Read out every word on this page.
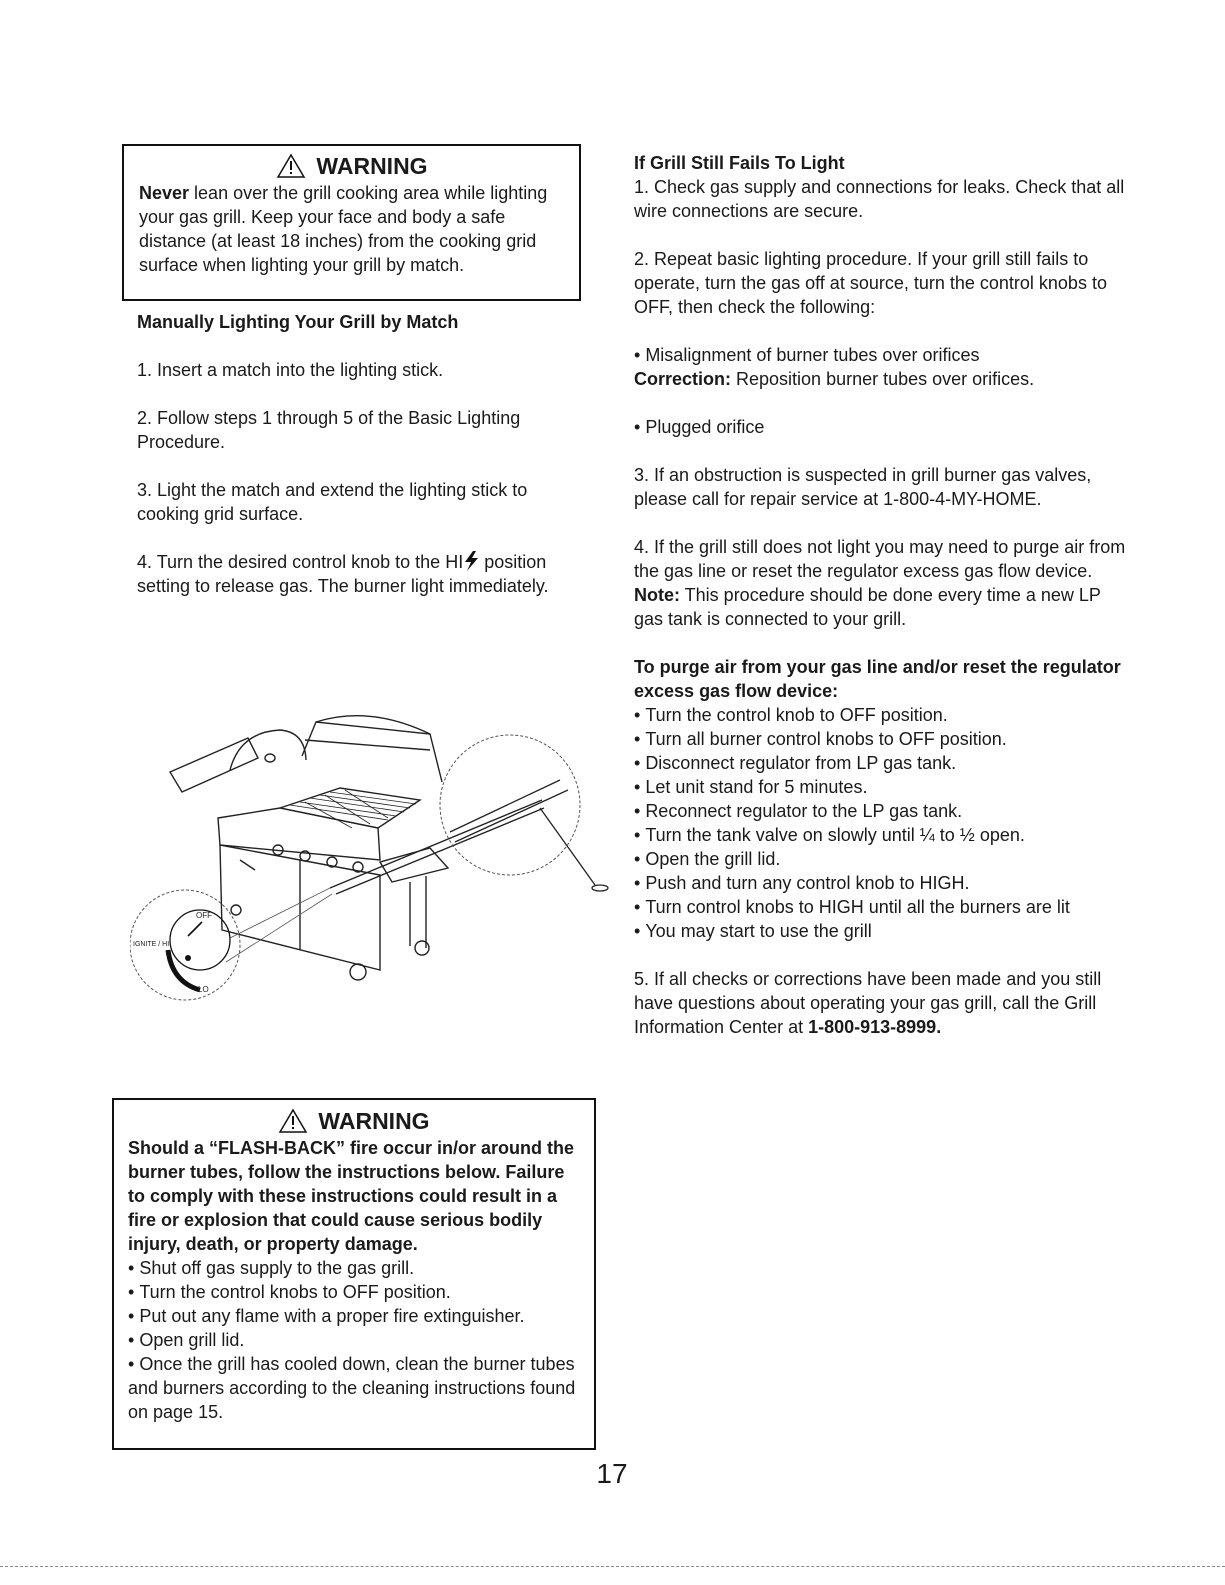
WARNING

Never lean over the grill cooking area while lighting your gas grill. Keep your face and body a safe distance (at least 18 inches) from the cooking grid surface when lighting your grill by match.

Manually Lighting Your Grill by Match

1. Insert a match into the lighting stick.

2. Follow steps 1 through 5 of the Basic Lighting Procedure.

3. Light the match and extend the lighting stick to cooking grid surface.

4. Turn the desired control knob to the HI position setting to release gas. The burner light immediately.

OFF
IGNITE / HI
LO

If Grill Still Fails To Light

1. Check gas supply and connections for leaks. Check that all wire connections are secure.

2. Repeat basic lighting procedure. If your grill still fails to operate, turn the gas off at source, turn the control knobs to OFF, then check the following:

• Misalignment of burner tubes over orifices

Correction: Reposition burner tubes over orifices.

• Plugged orifice

3. If an obstruction is suspected in grill burner gas valves, please call for repair service at 1-800-4-MY-HOME.

4. If the grill still does not light you may need to purge air from the gas line or reset the regulator excess gas flow device. Note: This procedure should be done every time a new LP gas tank is connected to your grill.

To purge air from your gas line and/or reset the regulator excess gas flow device:

• Turn the control knob to OFF position.

• Turn all burner control knobs to OFF position.

• Disconnect regulator from LP gas tank.

• Let unit stand for 5 minutes.

• Reconnect regulator to the LP gas tank.

• Turn the tank valve on slowly until ¼ to ½ open.

• Open the grill lid.

• Push and turn any control knob to HIGH.

• Turn control knobs to HIGH until all the burners are lit

• You may start to use the grill

5. If all checks or corrections have been made and you still have questions about operating your gas grill, call the Grill Information Center at 1-800-913-8999.

WARNING

Should a “FLASH-BACK” fire occur in/or around the burner tubes, follow the instructions below. Failure to comply with these instructions could result in a fire or explosion that could cause serious bodily injury, death, or property damage.

• Shut off gas supply to the gas grill.

• Turn the control knobs to OFF position.

• Put out any flame with a proper fire extinguisher.

• Open grill lid.

• Once the grill has cooled down, clean the burner tubes and burners according to the cleaning instructions found on page 15.

17
